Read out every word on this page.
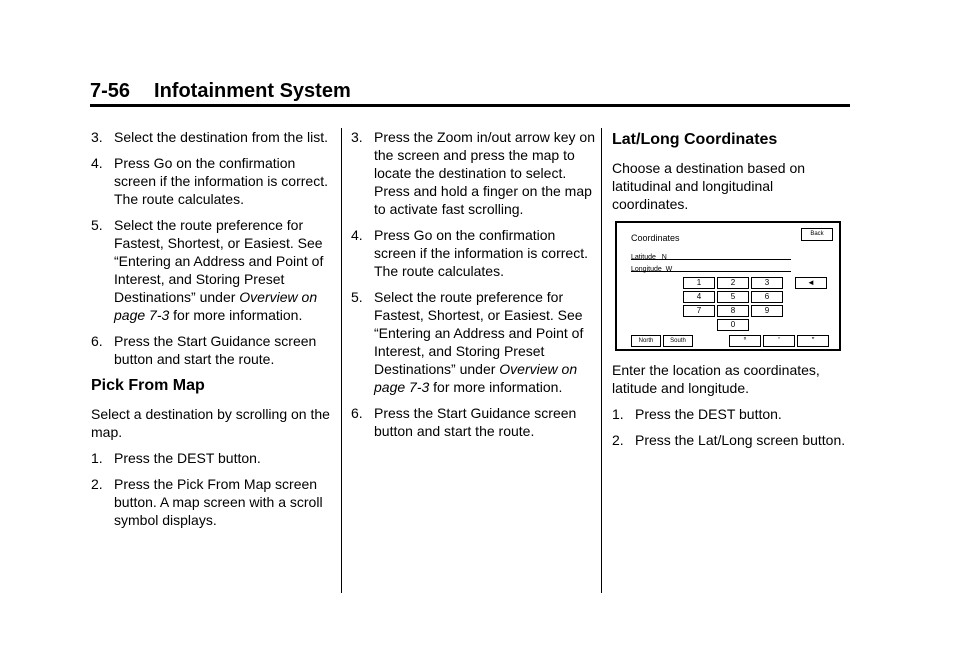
7-56 Infotainment System
3. Select the destination from the list.
4. Press Go on the confirmation screen if the information is correct. The route calculates.
5. Select the route preference for Fastest, Shortest, or Easiest. See “Entering an Address and Point of Interest, and Storing Preset Destinations” under Overview on page 7-3 for more information.
6. Press the Start Guidance screen button and start the route.
Pick From Map

Select a destination by scrolling on the map.

1. Press the DEST button.
2. Press the Pick From Map screen button. A map screen with a scroll symbol displays.
3. Press the Zoom in/out arrow key on the screen and press the map to locate the destination to select. Press and hold a finger on the map to activate fast scrolling.
4. Press Go on the confirmation screen if the information is correct. The route calculates.
5. Select the route preference for Fastest, Shortest, or Easiest. See “Entering an Address and Point of Interest, and Storing Preset Destinations” under Overview on page 7-3 for more information.
6. Press the Start Guidance screen button and start the route.
Lat/Long Coordinates

Choose a destination based on latitudinal and longitudinal coordinates.

Coordinates	Back
Latitude N
Longitude W
1	2	3	◄
4	5	6
7	8	9
0
North	South	°	'	"

Enter the location as coordinates, latitude and longitude.

1. Press the DEST button.
2. Press the Lat/Long screen button.
